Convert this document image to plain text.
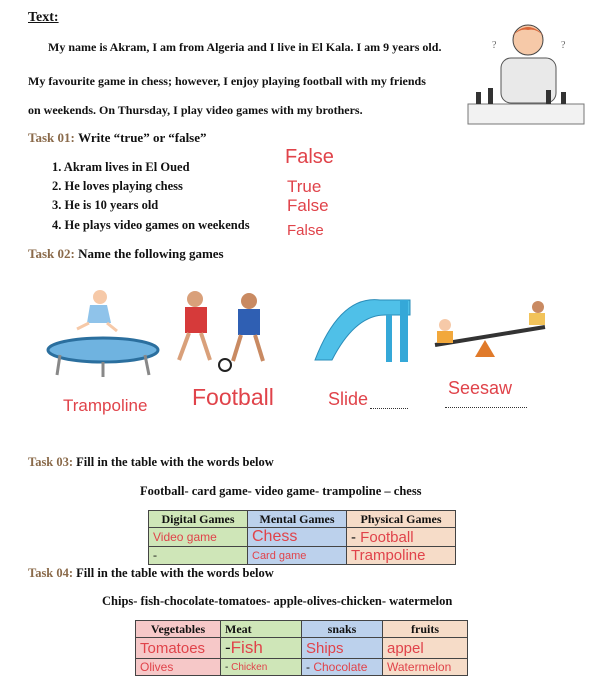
Text:
My name is Akram, I am from Algeria and I live in El Kala. I am 9 years old.
My favourite game in chess; however, I enjoy playing football with my friends
on weekends. On Thursday, I play video games with my brothers.
?	?
Task 01: Write “true” or “false”
1. Akram lives in El Oued
2. He loves playing chess
3. He is 10 years old
4. He plays video games on weekends
False
True
False
False
Task 02: Name the following games
Trampoline Football	Slide
Seesaw
Task 03: Fill in the table with the words below
Football- card game- video game- trampoline – chess
Digital Games	Mental Games	Physical Games
Video game	Chess	- Football
-	Card game	Trampoline
Task 04: Fill in the table with the words below
Chips- fish-chocolate-tomatoes- apple-olives-chicken- watermelon
Vegetables	Meat	snaks	fruits
Tomatoes	-Fish	Ships	appel
Olives	- Chicken	- Chocolate	Watermelon
